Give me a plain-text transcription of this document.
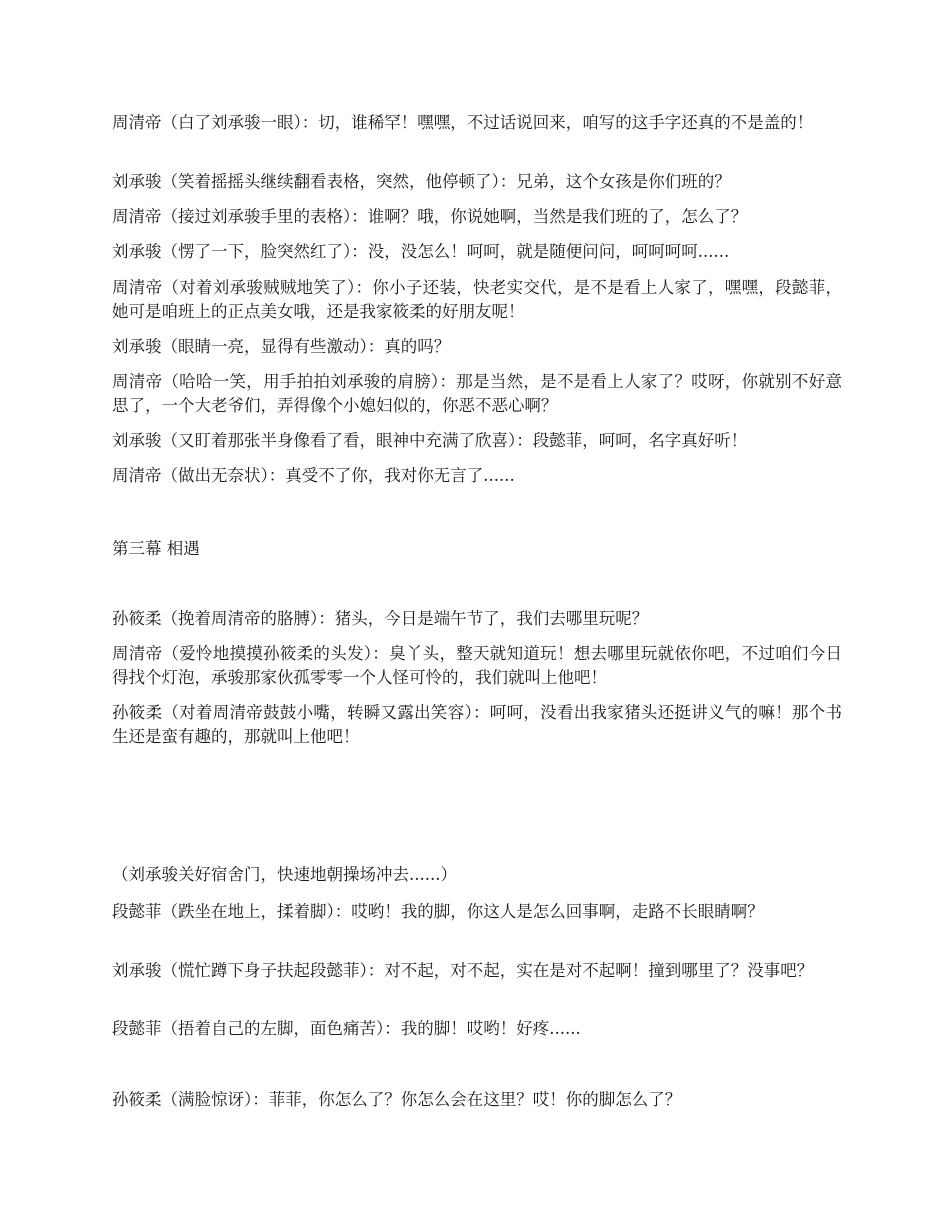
周清帝（白了刘承骏一眼）：切，谁稀罕！嘿嘿，不过话说回来，咱写的这手字还真的不是盖的！

刘承骏（笑着摇摇头继续翻看表格，突然，他停顿了）：兄弟，这个女孩是你们班的？

周清帝（接过刘承骏手里的表格）：谁啊？哦，你说她啊，当然是我们班的了，怎么了？

刘承骏（愣了一下，脸突然红了）：没，没怎么！呵呵，就是随便问问，呵呵呵呵......

周清帝（对着刘承骏贼贼地笑了）：你小子还装，快老实交代，是不是看上人家了，嘿嘿，段懿菲，她可是咱班上的正点美女哦，还是我家筱柔的好朋友呢！

刘承骏（眼睛一亮，显得有些激动）：真的吗？

周清帝（哈哈一笑，用手拍拍刘承骏的肩膀）：那是当然，是不是看上人家了？哎呀，你就别不好意思了，一个大老爷们，弄得像个小媳妇似的，你恶不恶心啊？

刘承骏（又盯着那张半身像看了看，眼神中充满了欣喜）：段懿菲，呵呵，名字真好听！

周清帝（做出无奈状）：真受不了你，我对你无言了......

第三幕 相遇

孙筱柔（挽着周清帝的胳膊）：猪头，今日是端午节了，我们去哪里玩呢？

周清帝（爱怜地摸摸孙筱柔的头发）：臭丫头，整天就知道玩！想去哪里玩就依你吧，不过咱们今日得找个灯泡，承骏那家伙孤零零一个人怪可怜的，我们就叫上他吧！

孙筱柔（对着周清帝鼓鼓小嘴，转瞬又露出笑容）：呵呵，没看出我家猪头还挺讲义气的嘛！那个书生还是蛮有趣的，那就叫上他吧！

（刘承骏关好宿舍门，快速地朝操场冲去......）

段懿菲（跌坐在地上，揉着脚）：哎哟！我的脚，你这人是怎么回事啊，走路不长眼睛啊？

刘承骏（慌忙蹲下身子扶起段懿菲）：对不起，对不起，实在是对不起啊！撞到哪里了？没事吧？

段懿菲（捂着自己的左脚，面色痛苦）：我的脚！哎哟！好疼......

孙筱柔（满脸惊讶）：菲菲，你怎么了？你怎么会在这里？哎！你的脚怎么了？
